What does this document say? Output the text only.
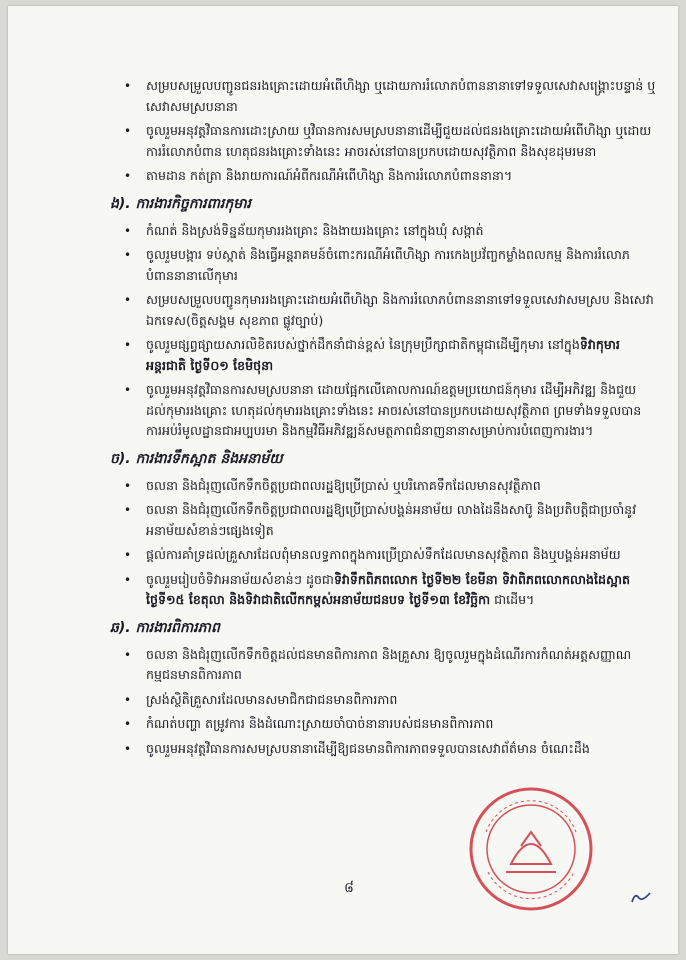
• សម្របសម្រួលបញ្ជូនជនរងគ្រោះដោយអំពើហិង្សា ឬដោយការរំលោភបំពាននានាទៅទទួលសេវាសង្គ្រោះបន្ទាន់ ឬសេវាសមស្របនានា
• ចូលរួមអនុវត្តវិធានការដោះស្រាយ ឬវិធានការសមស្របនានាដើម្បីជួយដល់ជនរងគ្រោះដោយអំពើហិង្សា ឬដោយការរំលោភបំពាន ហេតុជនរងគ្រោះទាំងនេះ អាចរស់នៅបានប្រកបដោយសុវត្ថិភាព និងសុខដុមរមនា
• តាមដាន កត់ត្រា និងរាយការណ៍អំពីករណីអំពើហិង្សា និងការរំលោភបំពាននានា។
ង). ការងារកិច្ចការពារកុមារ
• កំណត់ និងស្រង់ទិន្នន័យកុមាររងគ្រោះ និងងាយរងគ្រោះ នៅក្នុងឃុំ សង្កាត់
• ចូលរួមបង្ការ ទប់ស្កាត់ និងធ្វើអន្តរាគមន៍ចំពោះករណីអំពើហិង្សា ការកេងប្រវ័ញ្ចកម្លាំងពលកម្ម និងការរំលោភបំពាននានាលើកុមារ
• សម្របសម្រួលបញ្ជូនកុមាររងគ្រោះដោយអំពើហិង្សា និងការរំលោភបំពាននានាទៅទទួលសេវាសមស្រប និងសេវាឯកទេស(ចិត្តសង្គម សុខភាព ផ្លូវច្បាប់)
• ចូលរួមផ្សព្វផ្សាយសារលិខិតរបស់ថ្នាក់ដឹកនាំជាន់ខ្ពស់ នៃក្រុមប្រឹក្សាជាតិកម្ពុជាដើម្បីកុមារ នៅក្នុងទិវាកុមារអន្តរជាតិ ថ្ងៃទី០១ ខែមិថុនា
• ចូលរួមអនុវត្តវិធានការសមស្របនានា ដោយផ្អែកលើគោលការណ៍ឧត្តមប្រយោជន៍កុមារ ដើម្បីអភិវឌ្ឍ និងជួយដល់កុមាររងគ្រោះ ហេតុដល់កុមាររងគ្រោះទាំងនេះ អាចរស់នៅបានប្រកបដោយសុវត្ថិភាព ព្រមទាំងទទួលបានការអប់រំមូលដ្ឋានជាអប្បបរមា និងកម្មវិធីអភិវឌ្ឍន៍សមត្ថភាពជំនាញនានាសម្រាប់ការបំពេញការងារ។
ច). ការងារទឹកស្អាត និងអនាម័យ
• ចលនា និងជំរុញលើកទឹកចិត្តប្រជាពលរដ្ឋឱ្យប្រើប្រាស់ ឬបរិភោគទឹកដែលមានសុវត្ថិភាព
• ចលនា និងជំរុញលើកទឹកចិត្តប្រជាពលរដ្ឋឱ្យប្រើប្រាស់បង្គន់អនាម័យ លាងដៃនឹងសាប៊ូ និងប្រតិបត្តិជាប្រចាំនូវអនាម័យសំខាន់ៗផ្សេងទៀត
• ផ្តល់ការគាំទ្រដល់គ្រួសារដែលពុំមានលទ្ធភាពក្នុងការប្រើប្រាស់ទឹកដែលមានសុវត្ថិភាព និងឬបង្គន់អនាម័យ
• ចូលរួមរៀបចំទិវាអនាម័យសំខាន់ៗ ដូចជាទិវាទឹកពិភពលោក ថ្ងៃទី២២ ខែមីនា ទិវាពិភពលោកលាងដៃស្អាត ថ្ងៃទី១៥ ខែតុលា និងទិវាជាតិលើកកម្ពស់អនាម័យជនបទ ថ្ងៃទី១៣ ខែវិច្ឆិកា ជាដើម។
ឆ). ការងារពិការភាព
• ចលនា និងជំរុញលើកទឹកចិត្តដល់ជនមានពិការភាព និងគ្រួសារ ឱ្យចូលរួមក្នុងដំណើរការកំណត់អត្តសញ្ញាណកម្មជនមានពិការភាព
• ស្រង់ស្ថិតិគ្រួសារដែលមានសមាជិកជាជនមានពិការភាព
• កំណត់បញ្ហា តម្រូវការ និងដំណោះស្រាយចាំបាច់នានារបស់ជនមានពិការភាព
• ចូលរួមអនុវត្តវិធានការសមស្របនានាដើម្បីឱ្យជនមានពិការភាពទទួលបានសេវាព័ត៌មាន ចំណេះដឹង
៨
